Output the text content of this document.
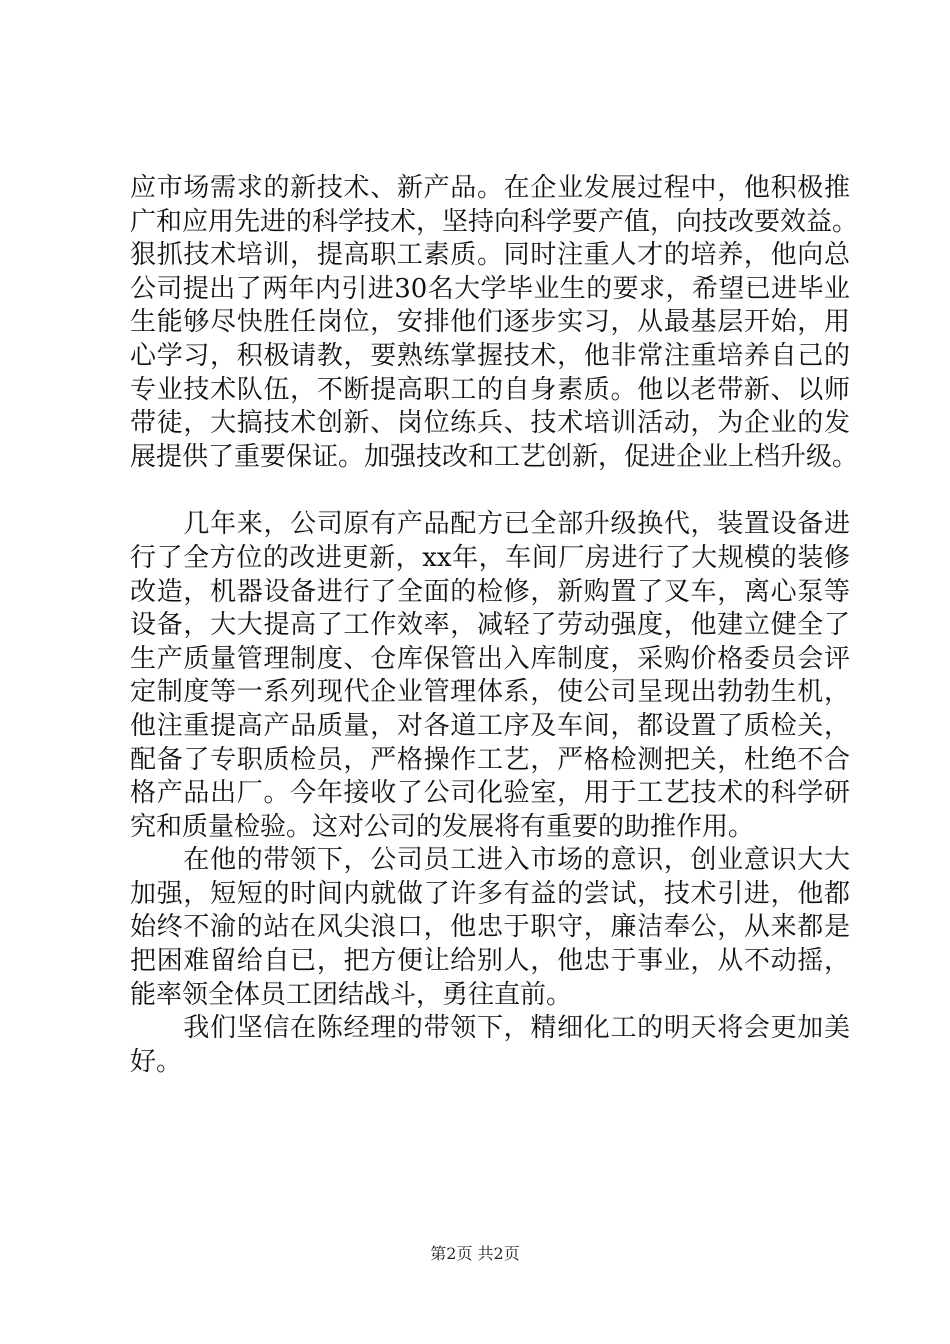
应市场需求的新技术、新产品。在企业发展过程中，他积极推
广和应用先进的科学技术，坚持向科学要产值，向技改要效益。
狠抓技术培训，提高职工素质。同时注重人才的培养，他向总
公司提出了两年内引进30名大学毕业生的要求，希望已进毕业
生能够尽快胜任岗位，安排他们逐步实习，从最基层开始，用
心学习，积极请教，要熟练掌握技术，他非常注重培养自己的
专业技术队伍，不断提高职工的自身素质。他以老带新、以师
带徒，大搞技术创新、岗位练兵、技术培训活动，为企业的发
展提供了重要保证。加强技改和工艺创新，促进企业上档升级。
　　几年来，公司原有产品配方已全部升级换代，装置设备进
行了全方位的改进更新，xx年，车间厂房进行了大规模的装修
改造，机器设备进行了全面的检修，新购置了叉车，离心泵等
设备，大大提高了工作效率，减轻了劳动强度，他建立健全了
生产质量管理制度、仓库保管出入库制度，采购价格委员会评
定制度等一系列现代企业管理体系，使公司呈现出勃勃生机，
他注重提高产品质量，对各道工序及车间，都设置了质检关，
配备了专职质检员，严格操作工艺，严格检测把关，杜绝不合
格产品出厂。今年接收了公司化验室，用于工艺技术的科学研
究和质量检验。这对公司的发展将有重要的助推作用。
　　在他的带领下，公司员工进入市场的意识，创业意识大大
加强，短短的时间内就做了许多有益的尝试，技术引进，他都
始终不渝的站在风尖浪口，他忠于职守，廉洁奉公，从来都是
把困难留给自已，把方便让给别人，他忠于事业，从不动摇，
能率领全体员工团结战斗，勇往直前。
　　我们坚信在陈经理的带领下，精细化工的明天将会更加美
好。
第2页 共2页
